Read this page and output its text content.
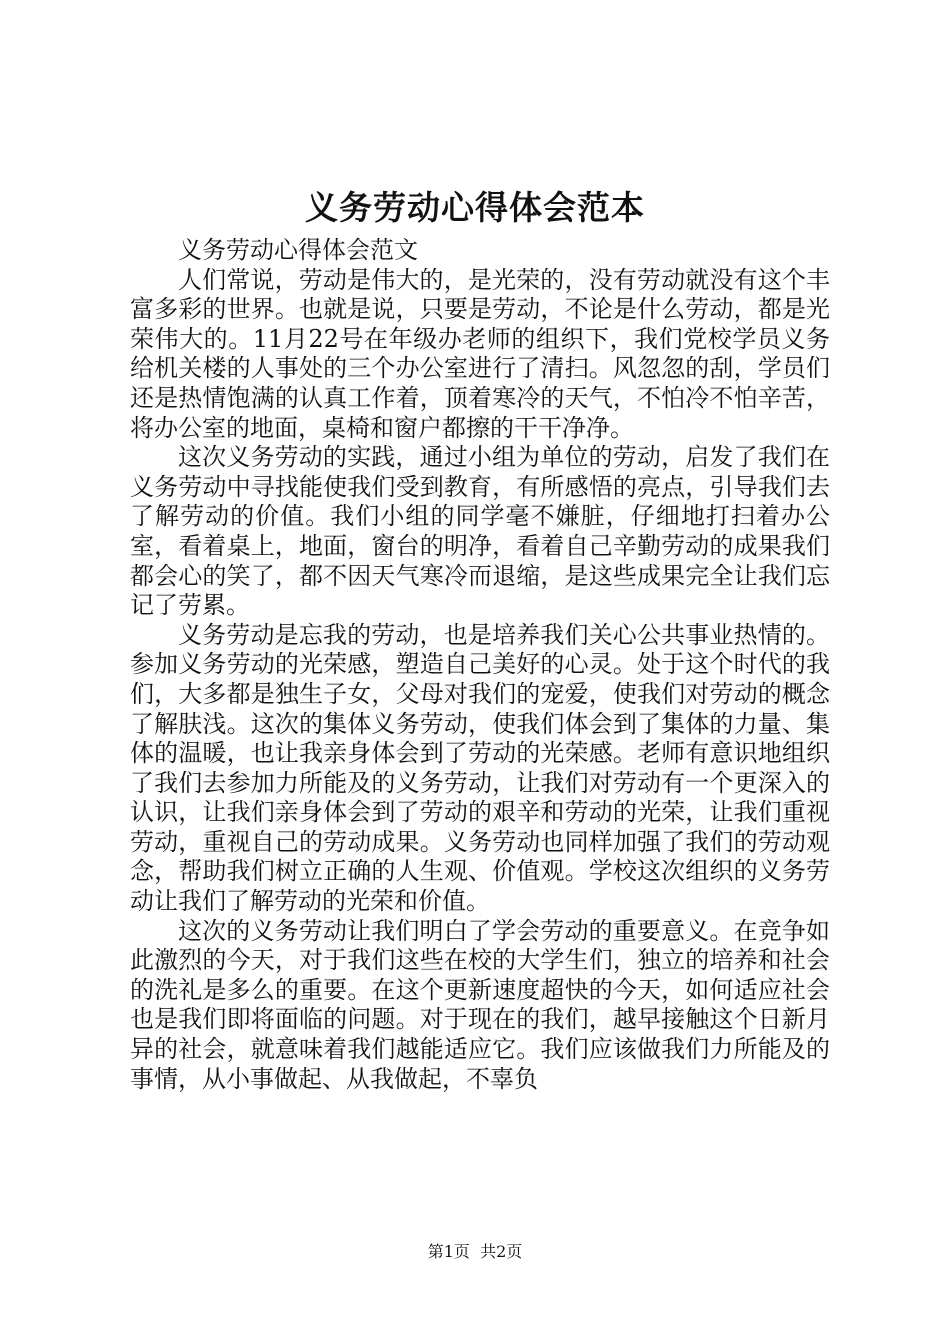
义务劳动心得体会范本

义务劳动心得体会范文

人们常说，劳动是伟大的，是光荣的，没有劳动就没有这个丰富多彩的世界。也就是说，只要是劳动，不论是什么劳动，都是光荣伟大的。11月22号在年级办老师的组织下，我们党校学员义务给机关楼的人事处的三个办公室进行了清扫。风忽忽的刮，学员们还是热情饱满的认真工作着，顶着寒冷的天气，不怕冷不怕辛苦，将办公室的地面，桌椅和窗户都擦的干干净净。

这次义务劳动的实践，通过小组为单位的劳动，启发了我们在义务劳动中寻找能使我们受到教育，有所感悟的亮点，引导我们去了解劳动的价值。我们小组的同学毫不嫌脏，仔细地打扫着办公室，看着桌上，地面，窗台的明净，看着自己辛勤劳动的成果我们都会心的笑了，都不因天气寒冷而退缩，是这些成果完全让我们忘记了劳累。

义务劳动是忘我的劳动，也是培养我们关心公共事业热情的。参加义务劳动的光荣感，塑造自己美好的心灵。处于这个时代的我们，大多都是独生子女，父母对我们的宠爱，使我们对劳动的概念了解肤浅。这次的集体义务劳动，使我们体会到了集体的力量、集体的温暖，也让我亲身体会到了劳动的光荣感。老师有意识地组织了我们去参加力所能及的义务劳动，让我们对劳动有一个更深入的认识，让我们亲身体会到了劳动的艰辛和劳动的光荣，让我们重视劳动，重视自己的劳动成果。义务劳动也同样加强了我们的劳动观念，帮助我们树立正确的人生观、价值观。学校这次组织的义务劳动让我们了解劳动的光荣和价值。

这次的义务劳动让我们明白了学会劳动的重要意义。在竞争如此激烈的今天，对于我们这些在校的大学生们，独立的培养和社会的洗礼是多么的重要。在这个更新速度超快的今天，如何适应社会也是我们即将面临的问题。对于现在的我们，越早接触这个日新月异的社会，就意味着我们越能适应它。我们应该做我们力所能及的事情，从小事做起、从我做起，不辜负

第1页 共2页
